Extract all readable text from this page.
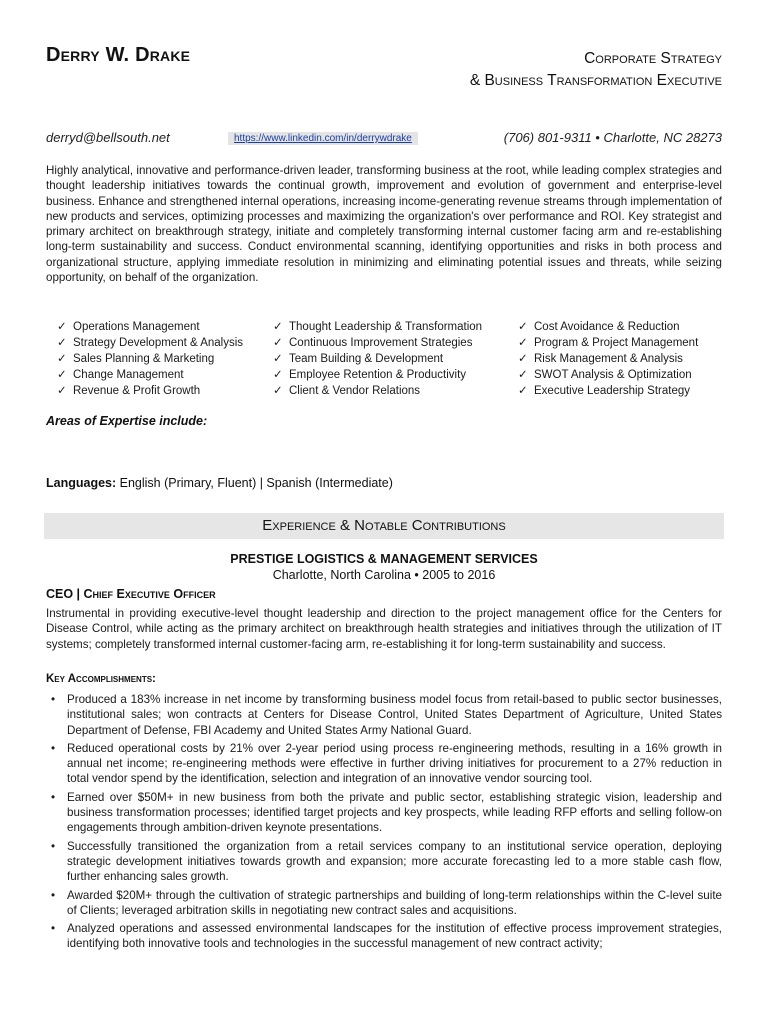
Derry W. Drake	Corporate Strategy
& Business Transformation Executive
derryd@bellsouth.net	https://www.linkedin.com/in/derrywdrake	(706) 801-9311 • Charlotte, NC 28273

Highly analytical, innovative and performance-driven leader, transforming business at the root, while leading complex strategies and thought leadership initiatives towards the continual growth, improvement and evolution of government and enterprise-level business. Enhance and strengthened internal operations, increasing income-generating revenue streams through implementation of new products and services, optimizing processes and maximizing the organization's over performance and ROI. Key strategist and primary architect on breakthrough strategy, initiate and completely transforming internal customer facing arm and re-establishing long-term sustainability and success. Conduct environmental scanning, identifying opportunities and risks in both process and organizational structure, applying immediate resolution in minimizing and eliminating potential issues and threats, while seizing opportunity, on behalf of the organization.

✓ Operations Management
✓ Strategy Development & Analysis
✓ Sales Planning & Marketing
✓ Change Management
✓ Revenue & Profit Growth
✓ Thought Leadership & Transformation
✓ Continuous Improvement Strategies
✓ Team Building & Development
✓ Employee Retention & Productivity
✓ Client & Vendor Relations
✓ Cost Avoidance & Reduction
✓ Program & Project Management
✓ Risk Management & Analysis
✓ SWOT Analysis & Optimization
✓ Executive Leadership Strategy
Areas of Expertise include:
Languages: English (Primary, Fluent) | Spanish (Intermediate)
Experience & Notable Contributions
PRESTIGE LOGISTICS & MANAGEMENT SERVICES
Charlotte, North Carolina • 2005 to 2016
CEO | Chief Executive Officer

Instrumental in providing executive-level thought leadership and direction to the project management office for the Centers for Disease Control, while acting as the primary architect on breakthrough health strategies and initiatives through the utilization of IT systems; completely transformed internal customer-facing arm, re-establishing it for long-term sustainability and success.

Key Accomplishments:
• Produced a 183% increase in net income by transforming business model focus from retail-based to public sector businesses, institutional sales; won contracts at Centers for Disease Control, United States Department of Agriculture, United States Department of Defense, FBI Academy and United States Army National Guard.
• Reduced operational costs by 21% over 2-year period using process re-engineering methods, resulting in a 16% growth in annual net income; re-engineering methods were effective in further driving initiatives for procurement to a 27% reduction in total vendor spend by the identification, selection and integration of an innovative vendor sourcing tool.
• Earned over $50M+ in new business from both the private and public sector, establishing strategic vision, leadership and business transformation processes; identified target projects and key prospects, while leading RFP efforts and selling follow-on engagements through ambition-driven keynote presentations.
• Successfully transitioned the organization from a retail services company to an institutional service operation, deploying strategic development initiatives towards growth and expansion; more accurate forecasting led to a more stable cash flow, further enhancing sales growth.
• Awarded $20M+ through the cultivation of strategic partnerships and building of long-term relationships within the C-level suite of Clients; leveraged arbitration skills in negotiating new contract sales and acquisitions.
• Analyzed operations and assessed environmental landscapes for the institution of effective process improvement strategies, identifying both innovative tools and technologies in the successful management of new contract activity;
